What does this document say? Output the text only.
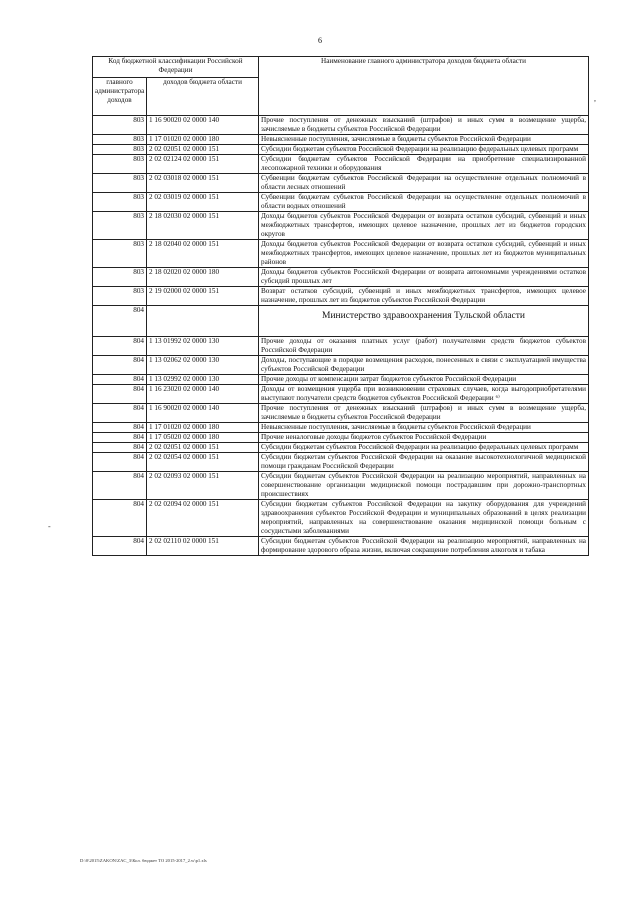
6
Код бюджетной классификации Российской Федерации		Наименование главного администратора доходов бюджета области
главного администратора доходов	доходов бюджета области	
803	1 16 90020 02 0000 140	Прочие поступления от денежных взысканий (штрафов) и иных сумм в возмещение ущерба, зачисляемые в бюджеты субъектов Российской Федерации
803	1 17 01020 02 0000 180	Невыясненные поступления, зачисляемые в бюджеты субъектов Российской Федерации
803	2 02 02051 02 0000 151	Субсидии бюджетам субъектов Российской Федерации на реализацию федеральных целевых программ
803	2 02 02124 02 0000 151	Субсидии бюджетам субъектов Российской Федерации на приобретение специализированной лесопожарной техники и оборудования
803	2 02 03018 02 0000 151	Субвенции бюджетам субъектов Российской Федерации на осуществление отдельных полномочий в области лесных отношений
803	2 02 03019 02 0000 151	Субвенции бюджетам субъектов Российской Федерации на осуществление отдельных полномочий в области водных отношений
803	2 18 02030 02 0000 151	Доходы бюджетов субъектов Российской Федерации от возврата остатков субсидий, субвенций и иных межбюджетных трансфертов, имеющих целевое назначение, прошлых лет из бюджетов городских округов
803	2 18 02040 02 0000 151	Доходы бюджетов субъектов Российской Федерации от возврата остатков субсидий, субвенций и иных межбюджетных трансфертов, имеющих целевое назначение, прошлых лет из бюджетов муниципальных районов
803	2 18 02020 02 0000 180	Доходы бюджетов субъектов Российской Федерации от возврата автономными учреждениями остатков субсидий прошлых лет
803	2 19 02000 02 0000 151	Возврат остатков субсидий, субвенций и иных межбюджетных трансфертов, имеющих целевое назначение, прошлых лет из бюджетов субъектов Российской Федерации
804		Министерство здравоохранения Тульской области
804	1 13 01992 02 0000 130	Прочие доходы от оказания платных услуг (работ) получателями средств бюджетов субъектов Российской Федерации
804	1 13 02062 02 0000 130	Доходы, поступающие в порядке возмещения расходов, понесенных в связи с эксплуатацией имущества субъектов Российской Федерации
804	1 13 02992 02 0000 130	Прочие доходы от компенсации затрат бюджетов субъектов Российской Федерации
804	1 16 23020 02 0000 140	Доходы от возмещения ущерба при возникновении страховых случаев, когда выгодоприобретателями выступают получатели средств бюджетов субъектов Российской Федерации ⁶⁾
804	1 16 90020 02 0000 140	Прочие поступления от денежных взысканий (штрафов) и иных сумм в возмещение ущерба, зачисляемые в бюджеты субъектов Российской Федерации
804	1 17 01020 02 0000 180	Невыясненные поступления, зачисляемые в бюджеты субъектов Российской Федерации
804	1 17 05020 02 0000 180	Прочие неналоговые доходы бюджетов субъектов Российской Федерации
804	2 02 02051 02 0000 151	Субсидии бюджетам субъектов Российской Федерации на реализацию федеральных целевых программ
804	2 02 02054 02 0000 151	Субсидии бюджетам субъектов Российской Федерации на оказание высокотехнологичной медицинской помощи гражданам Российской Федерации
804	2 02 02093 02 0000 151	Субсидии бюджетам субъектов Российской Федерации на реализацию мероприятий, направленных на совершенствование организации медицинской помощи пострадавшим при дорожно-транспортных происшествиях
804	2 02 02094 02 0000 151	Субсидии бюджетам субъектов Российской Федерации на закупку оборудования для учреждений здравоохранения субъектов Российской Федерации и муниципальных образований в целях реализации мероприятий, направленных на совершенствование оказания медицинской помощи больным с сосудистыми заболеваниями
804	2 02 02110 02 0000 151	Субсидии бюджетам субъектов Российской Федерации на реализацию мероприятий, направленных на формирование здорового образа жизни, включая сокращение потребления алкоголя и табака
,
-
D:\0\2015\ZAKON\ZAC_3\Кол. бюджет ТО 2015-2017_2.w\р1.xls
